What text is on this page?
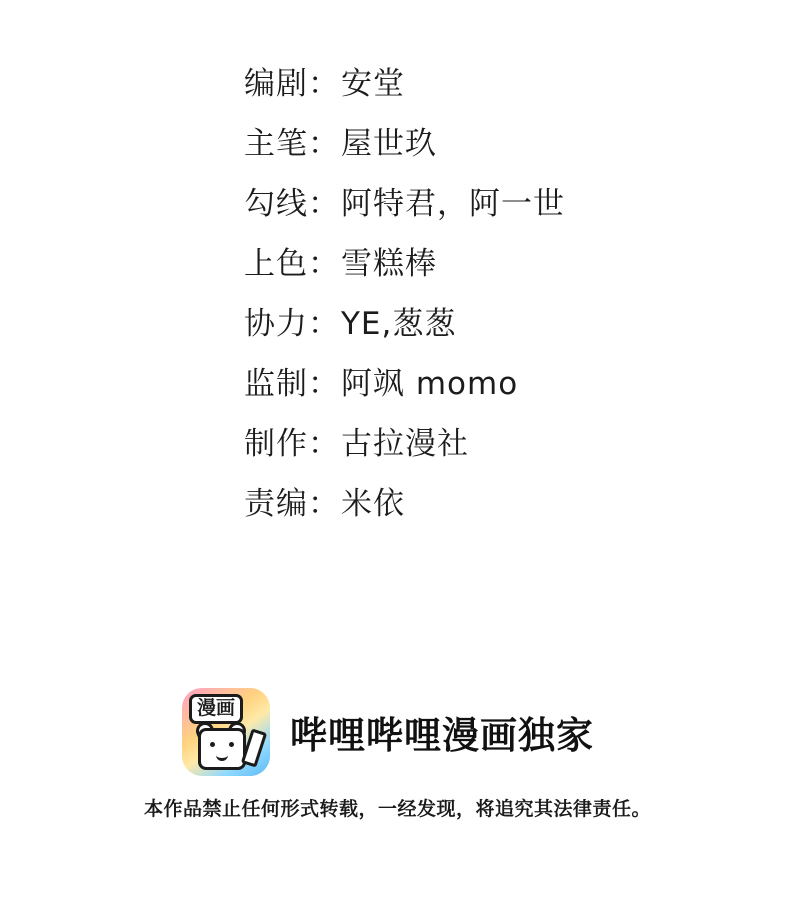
编剧 ： 安堂
主笔 ： 屋世玖
勾线 ： 阿特君，阿一世
上色 ： 雪糕棒
协力 ： YE,葱葱
监制 ： 阿飒 momo
制作 ： 古拉漫社
责编 ： 米依
漫画
哔哩哔哩漫画独家
本作品禁止任何形式转载，一经发现，将追究其法律责任。
